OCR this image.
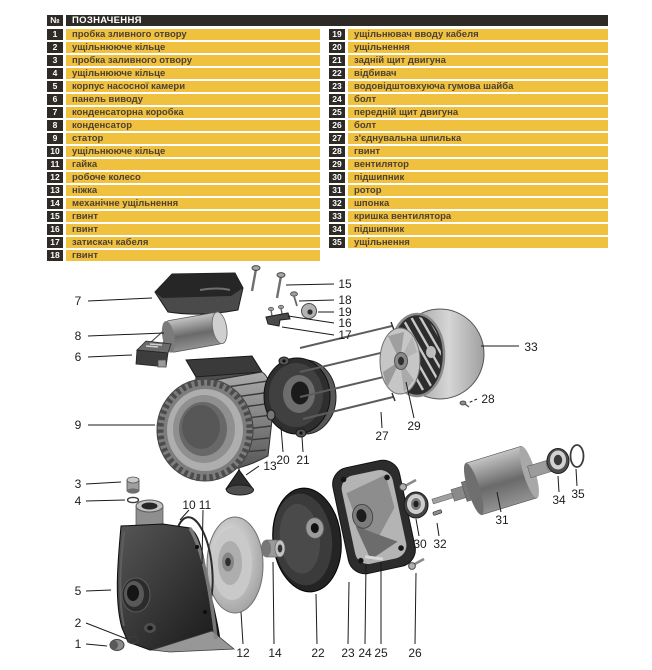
№	ПОЗНАЧЕННЯ
1	пробка зливного отвору
2	ущільнююче кільце
3	пробка заливного отвору
4	ущільнююче кільце
5	корпус насосної камери
6	панель виводу
7	конденсаторна коробка
8	конденсатор
9	статор
10	ущільнююче кільце
11	гайка
12	робоче колесо
13	ніжка
14	механічне ущільнення
15	гвинт
16	гвинт
17	затискач кабеля
18	гвинт
19	ущільнювач вводу кабеля
20	ущільнення
21	задній щит двигуна
22	відбивач
23	водовідштовхуюча гумова шайба
24	болт
25	передній щит двигуна
26	болт
27	з'єднувальна шпилька
28	гвинт
29	вентилятор
30	підшипник
31	ротор
32	шпонка
33	кришка вентилятора
34	підшипник
35	ущільнення
7
8
6
9
3
4
5
2
1
15
18
19
16
17
13 20 21
27
29
33
28
31
34 35
30 32
10 11
12 14 22 23 24 25 26
